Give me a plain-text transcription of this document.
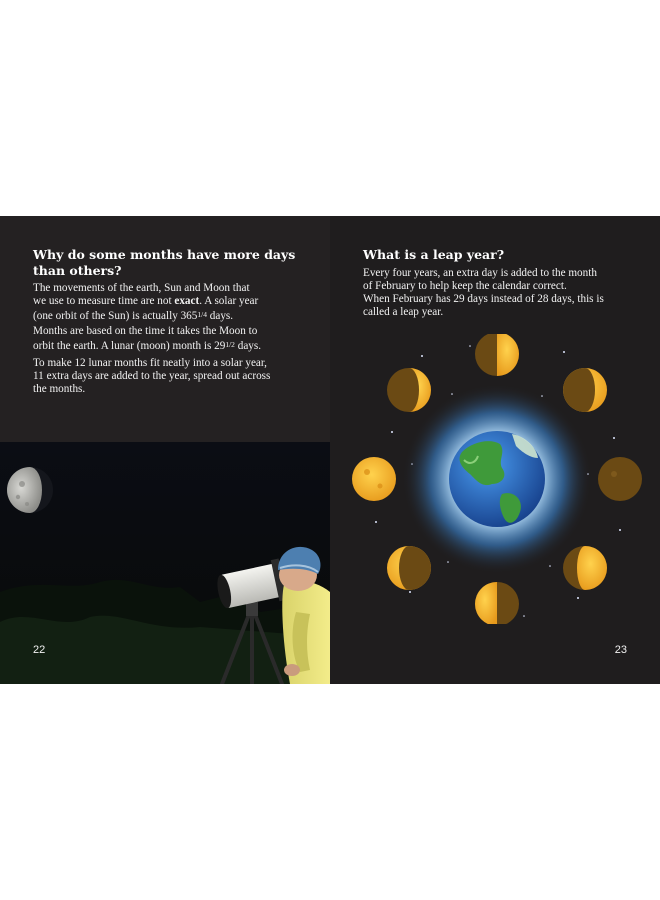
Why do some months have more days
than others?

The movements of the earth, Sun and Moon that
we use to measure time are not exact. A solar year
(one orbit of the Sun) is actually 3651/4 days.

Months are based on the time it takes the Moon to
orbit the earth. A lunar (moon) month is 291/2 days.

To make 12 lunar months fit neatly into a solar year,
11 extra days are added to the year, spread out across
the months.

22
What is a leap year?

Every four years, an extra day is added to the month
of February to help keep the calendar correct.

When February has 29 days instead of 28 days, this is
called a leap year.

23
